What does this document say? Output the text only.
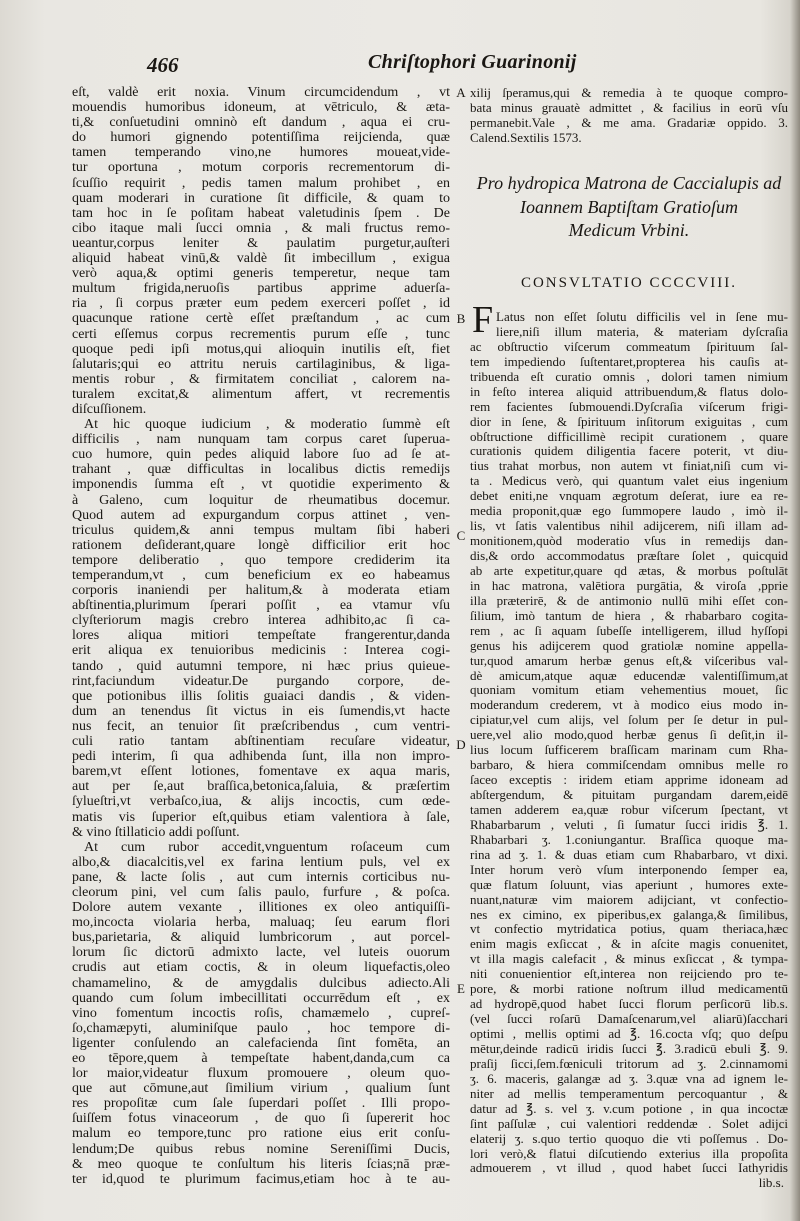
466	Chriſtophori Guarinonij
eſt, valdè erit noxia. Vinum circumcidendum , vt
mouendis humoribus idoneum, at vētriculo, & æta-
ti,& conſuetudini omninò eſt dandum , aqua ei cru-
do humori gignendo potentiſſima reijcienda, quæ
tamen temperando vino,ne humores moueat,vide-
tur oportuna , motum corporis recrementorum di-
ſcuſſio requirit , pedis tamen malum prohibet , en
quam moderari in curatione ſit difficile, & quam to
tam hoc in ſe poſitam habeat valetudinis ſpem . De
cibo itaque mali ſucci omnia , & mali fructus remo-
ueantur,corpus leniter & paulatim purgetur,auſteri
aliquid habeat vinū,& valdè ſit imbecillum , exigua
verò aqua,& optimi generis temperetur, neque tam
multum frigida,neruoſis partibus apprime aduerſa-
ria , ſi corpus præter eum pedem exerceri poſſet , id
quacunque ratione certè eſſet præſtandum , ac cum
certi eſſemus corpus recrementis purum eſſe , tunc
quoque pedi ipſi motus,qui alioquin inutilis eſt, fiet
ſalutaris;qui eo attritu neruis cartilaginibus, & liga-
mentis robur , & firmitatem conciliat , calorem na-
turalem excitat,& alimentum affert, vt recrementis
diſcuſſionem.
At hic quoque iudicium , & moderatio ſummè eſt
difficilis , nam nunquam tam corpus caret ſuperua-
cuo humore, quin pedes aliquid labore ſuo ad ſe at-
trahant , quæ difficultas in localibus dictis remedijs
imponendis ſumma eſt , vt quotidie experimento &
à Galeno, cum loquitur de rheumatibus docemur.
Quod autem ad expurgandum corpus attinet , ven-
triculus quidem,& anni tempus multam ſibi haberi
rationem deſiderant,quare longè difficilior erit hoc
tempore deliberatio , quo tempore crediderim ita
temperandum,vt , cum beneficium ex eo habeamus
corporis inaniendi per halitum,& à moderata etiam
abſtinentia,plurimum ſperari poſſit , ea vtamur vſu
clyſteriorum magis crebro interea adhibito,ac ſi ca-
lores aliqua mitiori tempeſtate frangerentur,danda
erit aliqua ex tenuioribus medicinis : Interea cogi-
tando , quid autumni tempore, ni hæc prius quieue-
rint,faciundum videatur.De purgando corpore, de-
que potionibus illis ſolitis guaiaci dandis , & viden-
dum an tenendus ſit victus in eis ſumendis,vt hacte
nus fecit, an tenuior ſit præſcribendus , cum ventri-
culi ratio tantam abſtinentiam recuſare videatur,
pedi interim, ſi qua adhibenda ſunt, illa non impro-
barem,vt eſſent lotiones, fomentave ex aqua maris,
aut per ſe,aut braſſica,betonica,ſaluia, & præſertim
ſylueſtri,vt verbaſco,iua, & alijs incoctis, cum œde-
matis vis ſuperior eſt,quibus etiam valentiora à ſale,
& vino ſtillaticio addi poſſunt.
At cum rubor accedit,vnguentum roſaceum cum
albo,& diacalcitis,vel ex farina lentium puls, vel ex
pane, & lacte ſolis , aut cum internis corticibus nu-
cleorum pini, vel cum ſalis paulo, furfure , & poſca.
Dolore autem vexante , illitiones ex oleo antiquiſſi-
mo,incocta violaria herba, maluaq; ſeu earum flori
bus,parietaria, & aliquid lumbricorum , aut porcel-
lorum ſic dictorū admixto lacte, vel luteis ouorum
crudis aut etiam coctis, & in oleum liquefactis,oleo
chamamelino, & de amygdalis dulcibus adiecto.Ali
quando cum ſolum imbecillitati occurrēdum eſt , ex
vino fomentum incoctis roſis, chamæmelo , cupreſ-
ſo,chamæpyti, aluminiſque paulo , hoc tempore di-
ligenter conſulendo an calefacienda ſint fomēta, an
eo tēpore,quem à tempeſtate habent,danda,cum ca
lor maior,videatur fluxum promouere , oleum quo-
que aut cōmune,aut ſimilium virium , qualium ſunt
res propoſitæ cum ſale ſuperdari poſſet . Illi propo-
ſuiſſem fotus vinaceorum , de quo ſi ſupererit hoc
malum eo tempore,tunc pro ratione eius erit conſu-
lendum;De quibus rebus nomine Sereniſſimi Ducis,
& meo quoque te conſultum his literis ſcias;nā præ-
ter id,quod te plurimum facimus,etiam hoc à te au-
A
B
C
D
E
xilij ſperamus,qui & remedia à te quoque compro-
bata minus grauatè admittet , & facilius in eorū vſu
permanebit.Vale , & me ama. Gradariæ oppido. 3.
Calend.Sextilis 1573.
Pro hydropica Matrona de Caccialupis ad
Ioannem Baptiſtam Gratioſum
Medicum Vrbini.
CONSVLTATIO CCCCVIII.
F Latus non eſſet ſolutu difficilis vel in ſene mu-
liere,niſi illum materia, & materiam dyſcraſia
ac obſtructio viſcerum commeatum ſpirituum ſal-
tem impediendo ſuſtentaret,propterea his cauſis at-
tribuenda eſt curatio omnis , dolori tamen nimium
in feſto interea aliquid attribuendum,& flatus dolo-
rem facientes ſubmouendi.Dyſcraſia viſcerum frigi-
dior in ſene, & ſpirituum inſitorum exiguitas , cum
obſtructione difficillimè recipit curationem , quare
curationis quidem diligentia facere poterit, vt diu-
tius trahat morbus, non autem vt finiat,niſi cum vi-
ta . Medicus verò, qui quantum valet eius ingenium
debet eniti,ne vnquam ægrotum deſerat, iure ea re-
media proponit,quæ ego ſummopere laudo , imò il-
lis, vt ſatis valentibus nihil adijcerem, niſi illam ad-
monitionem,quòd moderatio vſus in remedijs dan-
dis,& ordo accommodatus præſtare ſolet , quicquid
ab arte expetitur,quare qd ætas, & morbus poſtulāt
in hac matrona, valētiora purgātia, & viroſa ,pprie
illa præterirē, & de antimonio nullū mihi eſſet con-
ſilium, imò tantum de hiera , & rhabarbaro cogita-
rem , ac ſi aquam ſubeſſe intelligerem, illud hyſſopi
genus his adijcerem quod gratiolæ nomine appella-
tur,quod amarum herbæ genus eſt,& viſceribus val-
dè amicum,atque aquæ educendæ valentiſſimum,at
quoniam vomitum etiam vehementius mouet, ſic
moderandum crederem, vt à modico eius modo in-
cipiatur,vel cum alijs, vel ſolum per ſe detur in pul-
uere,vel alio modo,quod herbæ genus ſi deſit,in il-
lius locum ſufficerem braſſicam marinam cum Rha-
barbaro, & hiera commiſcendam omnibus melle ro
ſaceo exceptis : iridem etiam apprime idoneam ad
abſtergendum, & pituitam purgandam darem,eidē
tamen adderem ea,quæ robur viſcerum ſpectant, vt
Rhabarbarum , veluti , ſi ſumatur ſucci iridis ℥. 1.
Rhabarbari ʒ. 1.coniungantur. Braſſica quoque ma-
rina ad ʒ. 1. & duas etiam cum Rhabarbaro, vt dixi.
Inter horum verò vſum interponendo ſemper ea,
quæ flatum ſoluunt, vias aperiunt , humores exte-
nuant,naturæ vim maiorem adijciant, vt confectio-
nes ex cimino, ex piperibus,ex galanga,& ſimilibus,
vt confectio mytridatica potius, quam theriaca,hæc
enim magis exſiccat , & in aſcite magis conuenitet,
vt illa magis calefacit , & minus exſiccat , & tympa-
niti conuenientior eſt,interea non reijciendo pro te-
pore, & morbi ratione noſtrum illud medicamentū
ad hydropē,quod habet ſucci florum perſicorū lib.s.
(vel ſucci roſarū Damaſcenarum,vel aliarū)ſacchari
optimi , mellis optimi ad ℥. 16.cocta vſq; quo deſpu
mētur,deinde radicū iridis ſucci ℥. 3.radicū ebuli ℥. 9.
praſij ſicci,ſem.fœniculi tritorum ad ʒ. 2.cinnamomi
ʒ. 6. maceris, galangæ ad ʒ. 3.quæ vna ad ignem le-
niter ad mellis temperamentum percoquantur , &
datur ad ℥. s. vel ʒ. v.cum potione , in qua incoctæ
ſint paſſulæ , cui valentiori reddendæ . Solet adijci
elaterij ʒ. s.quo tertio quoquo die vti poſſemus . Do-
lori verò,& flatui diſcutiendo exterius illa propoſita
admouerem , vt illud , quod habet ſucci Iathyridis
lib.s.
